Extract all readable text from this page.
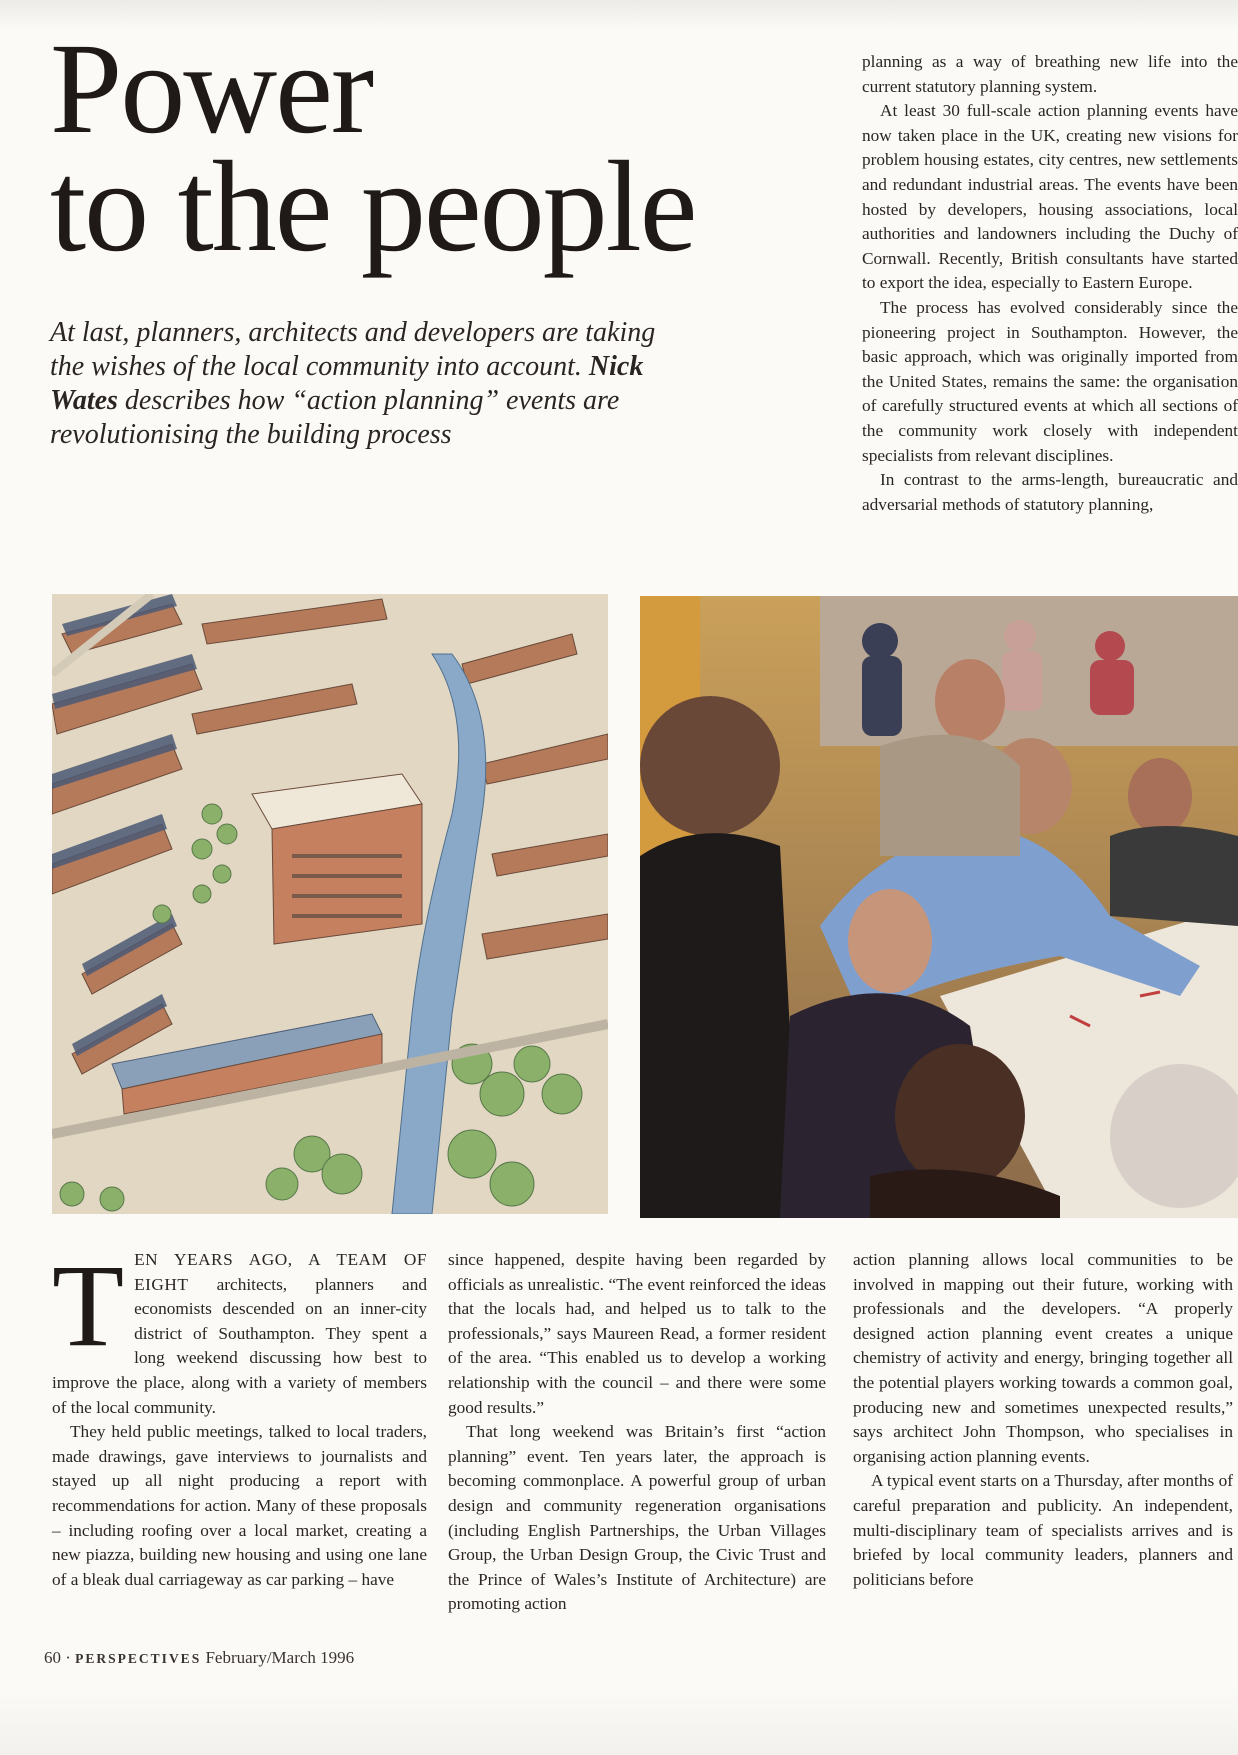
Power
to the people
At last, planners, architects and developers are taking the wishes of the local community into account. Nick Wates describes how “action planning” events are revolutionising the building process

planning as a way of breathing new life into the current statutory planning system.

At least 30 full-scale action planning events have now taken place in the UK, creating new visions for problem housing estates, city centres, new settlements and redundant industrial areas. The events have been hosted by developers, housing associations, local authorities and landowners including the Duchy of Cornwall. Recently, British consultants have started to export the idea, especially to Eastern Europe.

The process has evolved considerably since the pioneering project in Southampton. However, the basic approach, which was originally imported from the United States, remains the same: the organisation of carefully structured events at which all sections of the community work closely with independent specialists from relevant disciplines.

In contrast to the arms-length, bureaucratic and adversarial methods of statutory planning,

TEN YEARS AGO, A TEAM OF EIGHT architects, planners and economists descended on an inner-city district of Southampton. They spent a long weekend discussing how best to improve the place, along with a variety of members of the local community.

They held public meetings, talked to local traders, made drawings, gave interviews to journalists and stayed up all night producing a report with recommendations for action. Many of these proposals – including roofing over a local market, creating a new piazza, building new housing and using one lane of a bleak dual carriageway as car parking – have

since happened, despite having been regarded by officials as unrealistic. “The event reinforced the ideas that the locals had, and helped us to talk to the professionals,” says Maureen Read, a former resident of the area. “This enabled us to develop a working relationship with the council – and there were some good results.”

That long weekend was Britain’s first “action planning” event. Ten years later, the approach is becoming commonplace. A powerful group of urban design and community regeneration organisations (including English Partnerships, the Urban Villages Group, the Urban Design Group, the Civic Trust and the Prince of Wales’s Institute of Architecture) are promoting action

action planning allows local communities to be involved in mapping out their future, working with professionals and the developers. “A properly designed action planning event creates a unique chemistry of activity and energy, bringing together all the potential players working towards a common goal, producing new and sometimes unexpected results,” says architect John Thompson, who specialises in organising action planning events.

A typical event starts on a Thursday, after months of careful preparation and publicity. An independent, multi-disciplinary team of specialists arrives and is briefed by local community leaders, planners and politicians before

60 · PERSPECTIVES February/March 1996
